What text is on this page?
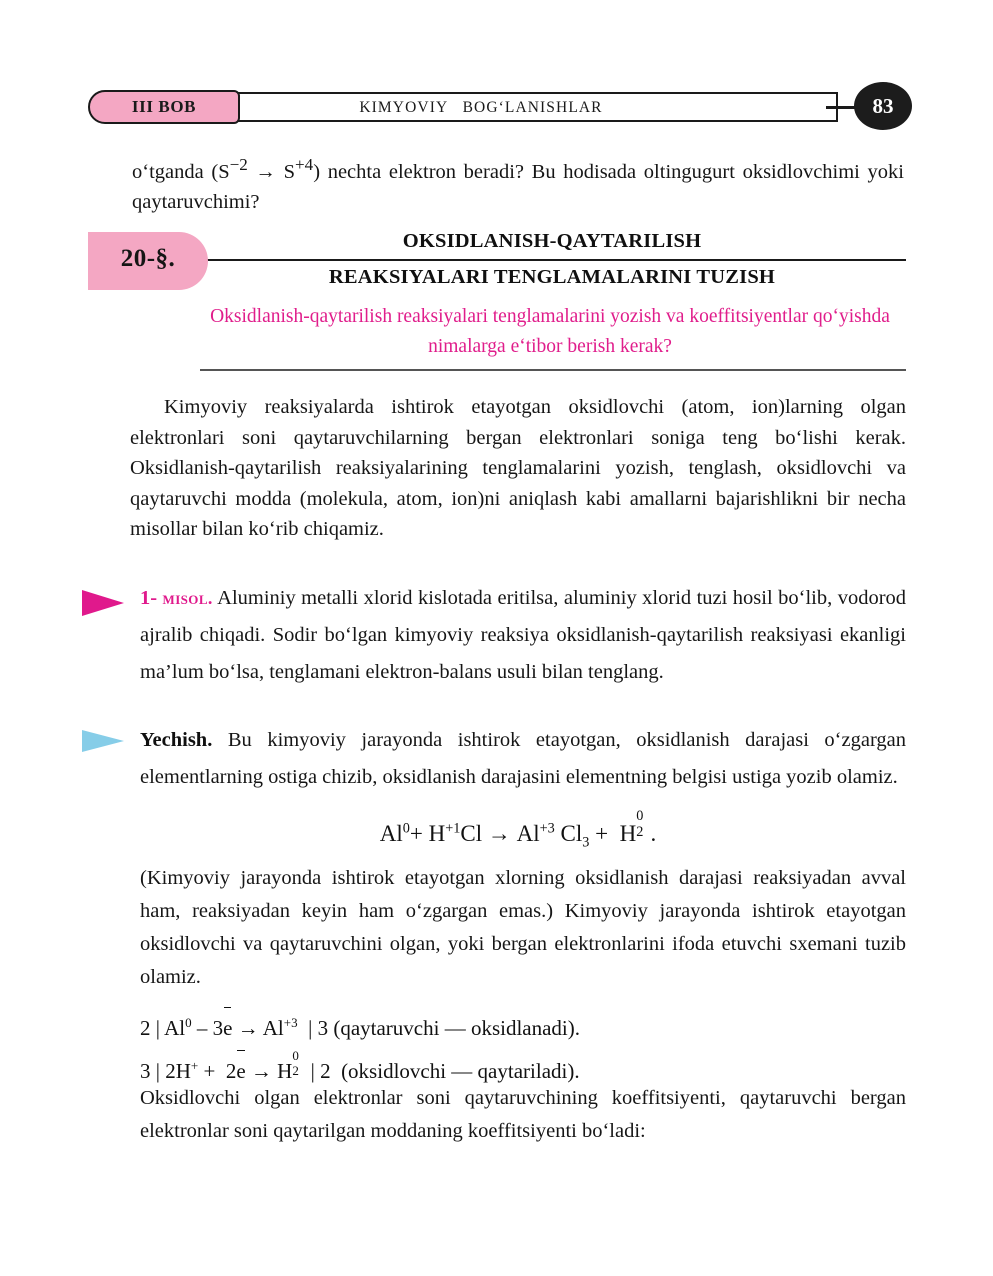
KIMYOVIY   BOG‘LANISHLAR
III BOB	83

o‘tganda $(S^{-2} \to S^{+4})$ nechta elektron beradi? Bu hodisada oltingugurt oksidlovchimi yoki qaytaruvchimi?

20-§.
OKSIDLANISH-QAYTARILISH
REAKSIYALARI TENGLAMALARINI TUZISH
Oksidlanish-qaytarilish reaksiyalari tenglamalarini yozish va koeffitsiyentlar qo‘yishda nimalarga e‘tibor berish kerak?

Kimyoviy reaksiyalarda ishtirok etayotgan oksidlovchi (atom, ion)larning olgan elektronlari soni qaytaruvchilarning bergan elektronlari soniga teng bo‘lishi kerak. Oksidlanish-qaytarilish reaksiyalarining tenglamalarini yozish, tenglash, oksidlovchi va qaytaruvchi modda (molekula, atom, ion)ni aniqlash kabi amallarni bajarishlikni bir necha misollar bilan ko‘rib chiqamiz.

1- misol. Aluminiy metalli xlorid kislotada eritilsa, aluminiy xlorid tuzi hosil bo‘lib, vodorod ajralib chiqadi. Sodir bo‘lgan kimyoviy reaksiya oksidlanish-qaytarilish reaksiyasi ekanligi ma’lum bo‘lsa, tenglamani elektron-balans usuli bilan tenglang.

Yechish. Bu kimyoviy jarayonda ishtirok etayotgan, oksidlanish darajasi o‘zgargan elementlarning ostiga chizib, oksidlanish darajasini elementning belgisi ustiga yozib olamiz.

$Al^0+ H^{+1}Cl \to Al^{+3}$ $Cl_3 + H$
0
2 .

(Kimyoviy jarayonda ishtirok etayotgan xlorning oksidlanish darajasi reaksiyadan avval ham, reaksiyadan keyin ham o‘zgargan emas.) Kimyoviy jarayonda ishtirok etayotgan oksidlovchi va qaytaruvchini olgan, yoki bergan elektronlarini ifoda etuvchi sxemani tuzib olamiz.

2 | $Al^0 - 3e \to Al^{+3}$ | 3 (qaytaruvchi — oksidlanadi).
3 | 2H+ + 2e → H
0
2 | 2 (oksidlovchi — qaytariladi).

Oksidlovchi olgan elektronlar soni qaytaruvchining koeffitsiyenti, qaytaruvchi bergan elektronlar soni qaytarilgan moddaning koeffitsiyenti bo‘ladi:
